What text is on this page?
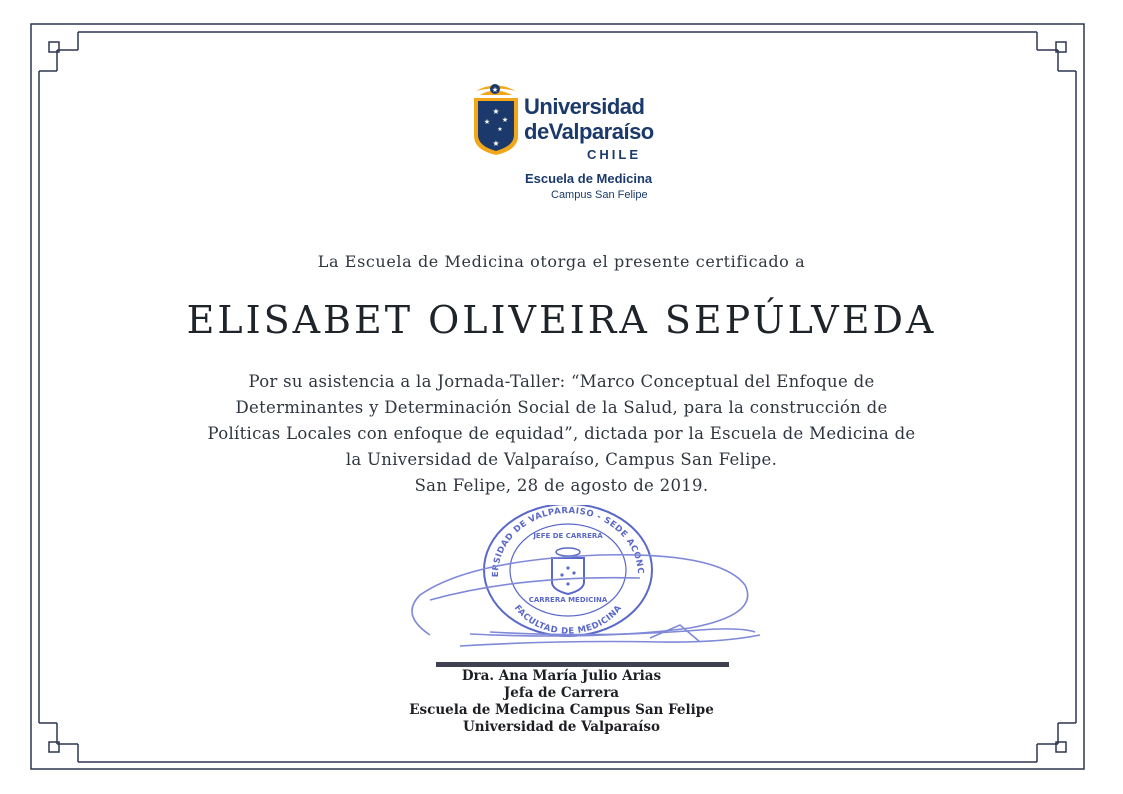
★
★
★ ★
★
★
Universidad
deValparaíso
CHILE
Escuela de Medicina
Campus San Felipe
La Escuela de Medicina otorga el presente certificado a
ELISABET OLIVEIRA SEPÚLVEDA
Por su asistencia a la Jornada-Taller: “Marco Conceptual del Enfoque de
Determinantes y Determinación Social de la Salud, para la construcción de
Políticas Locales con enfoque de equidad”, dictada por la Escuela de Medicina de
la Universidad de Valparaíso, Campus San Felipe.
San Felipe, 28 de agosto de 2019.
ERSIDAD DE VALPARAISO - SEDE ACONC
FACULTAD DE MEDICINA
JEFE DE CARRERA
CARRERA MEDICINA
Dra. Ana María Julio Arias
Jefa de Carrera
Escuela de Medicina Campus San Felipe
Universidad de Valparaíso
